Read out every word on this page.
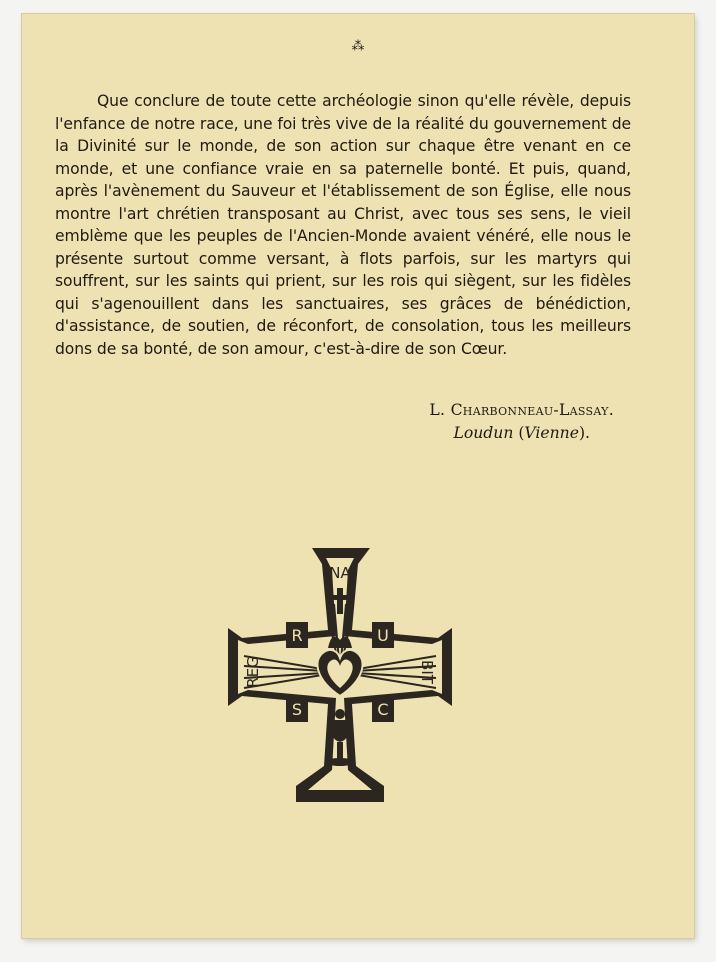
⁂

Que conclure de toute cette archéologie sinon qu'elle révèle, depuis l'enfance de notre race, une foi très vive de la réalité du gouvernement de la Divinité sur le monde, de son action sur chaque être venant en ce monde, et une confiance vraie en sa paternelle bonté. Et puis, quand, après l'avènement du Sauveur et l'établissement de son Église, elle nous montre l'art chrétien transposant au Christ, avec tous ses sens, le vieil emblème que les peuples de l'Ancien-Monde avaient vénéré, elle nous le présente surtout comme versant, à flots parfois, sur les martyrs qui souffrent, sur les saints qui prient, sur les rois qui siègent, sur les fidèles qui s'agenouillent dans les sanctuaires, ses grâces de bénédiction, d'assistance, de soutien, de réconfort, de consolation, tous les meilleurs dons de sa bonté, de son amour, c'est-à-dire de son Cœur.

L. Charbonneau-Lassay.
Loudun (Vienne).
NA
BIT
REG
R	U
S	C
